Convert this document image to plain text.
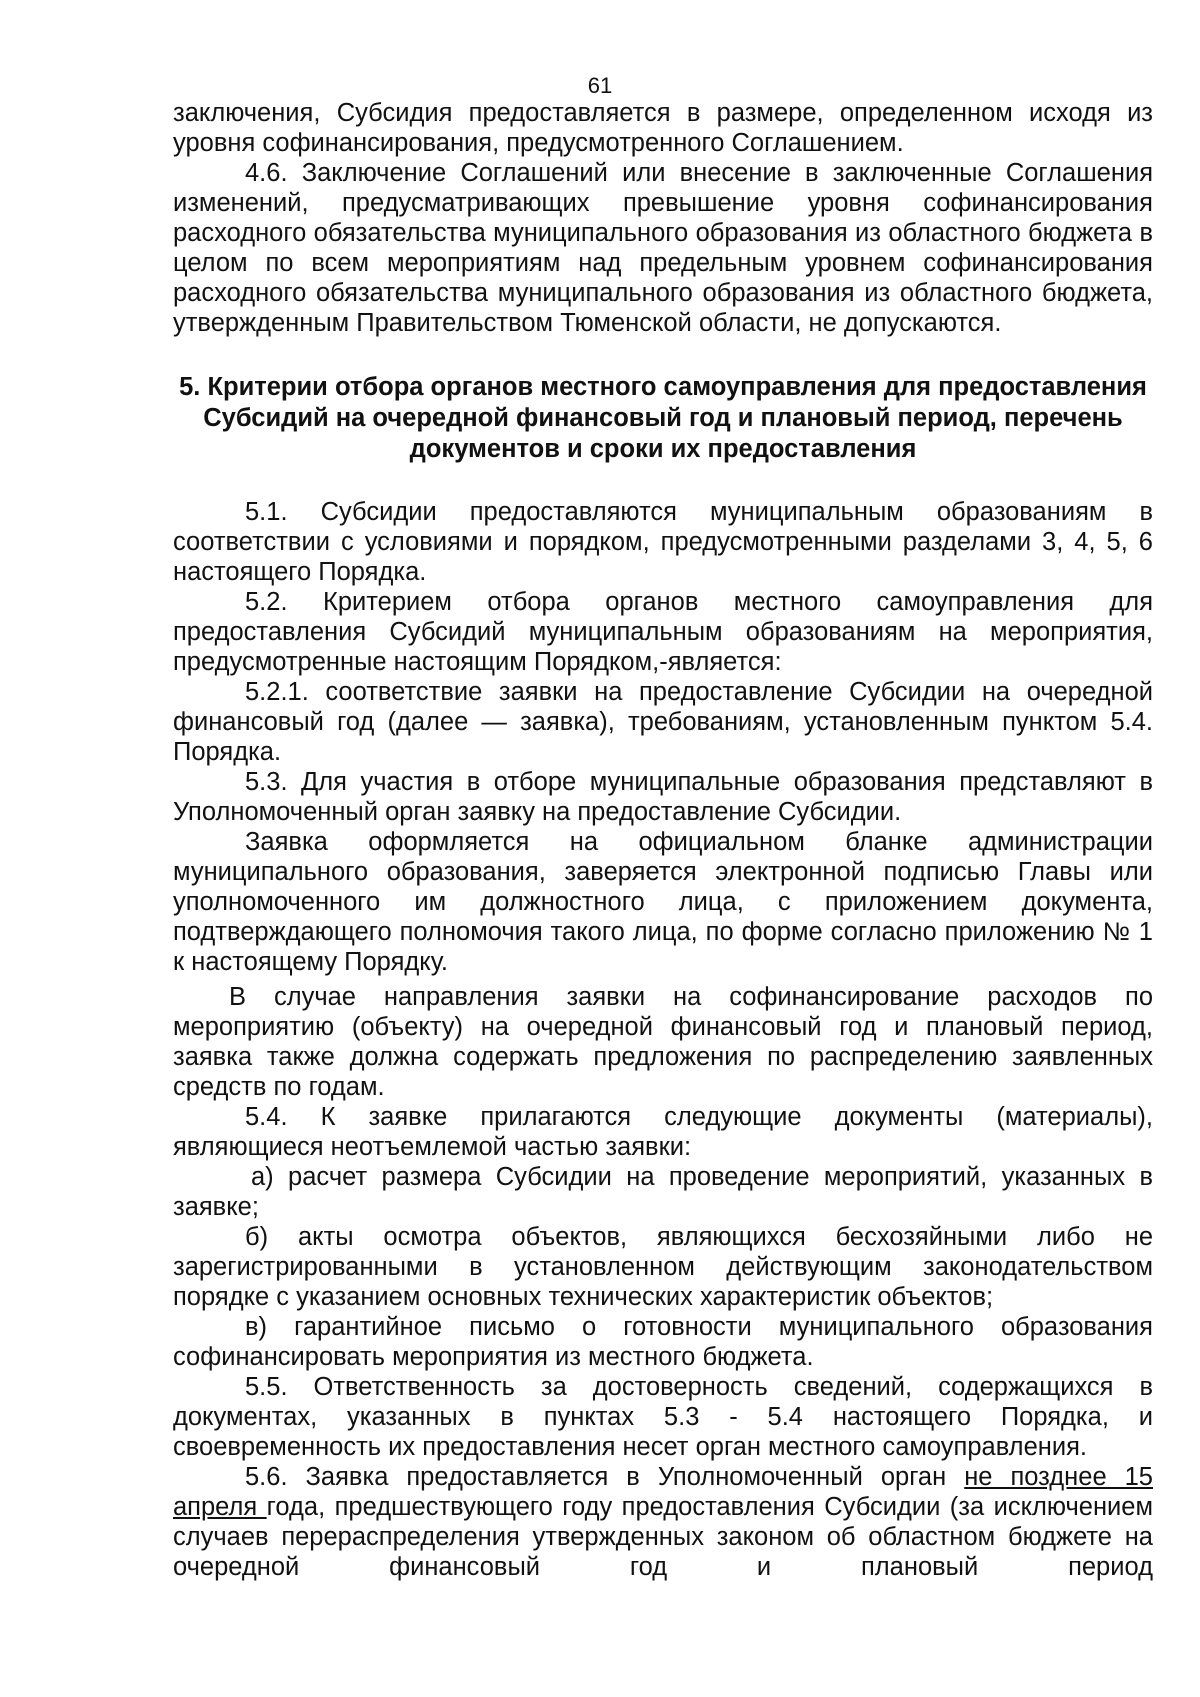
61

заключения, Субсидия предоставляется в размере, определенном исходя из уровня софинансирования, предусмотренного Соглашением.

4.6. Заключение Соглашений или внесение в заключенные Соглашения изменений, предусматривающих превышение уровня софинансирования расходного обязательства муниципального образования из областного бюджета в целом по всем мероприятиям над предельным уровнем софинансирования расходного обязательства муниципального образования из областного бюджета, утвержденным Правительством Тюменской области, не допускаются.

5. Критерии отбора органов местного самоуправления для предоставления Субсидий на очередной финансовый год и плановый период, перечень документов и сроки их предоставления

5.1. Субсидии предоставляются муниципальным образованиям в соответствии с условиями и порядком, предусмотренными разделами 3, 4, 5, 6 настоящего Порядка.

5.2. Критерием отбора органов местного самоуправления для предоставления Субсидий муниципальным образованиям на мероприятия, предусмотренные настоящим Порядком,-является:

5.2.1. соответствие заявки на предоставление Субсидии на очередной финансовый год (далее — заявка), требованиям, установленным пунктом 5.4. Порядка.

5.3. Для участия в отборе муниципальные образования представляют в Уполномоченный орган заявку на предоставление Субсидии.

Заявка оформляется на официальном бланке администрации муниципального образования, заверяется электронной подписью Главы или уполномоченного им должностного лица, с приложением документа, подтверждающего полномочия такого лица, по форме согласно приложению № 1 к настоящему Порядку.

В случае направления заявки на софинансирование расходов по мероприятию (объекту) на очередной финансовый год и плановый период, заявка также должна содержать предложения по распределению заявленных средств по годам.

5.4. К заявке прилагаются следующие документы (материалы), являющиеся неотъемлемой частью заявки:

а) расчет размера Субсидии на проведение мероприятий, указанных в заявке;

б) акты осмотра объектов, являющихся бесхозяйными либо не зарегистрированными в установленном действующим законодательством порядке с указанием основных технических характеристик объектов;

в) гарантийное письмо о готовности муниципального образования софинансировать мероприятия из местного бюджета.

5.5. Ответственность за достоверность сведений, содержащихся в документах, указанных в пунктах 5.3 - 5.4 настоящего Порядка, и своевременность их предоставления несет орган местного самоуправления.

5.6. Заявка предоставляется в Уполномоченный орган не позднее 15 апреля года, предшествующего году предоставления Субсидии (за исключением случаев перераспределения утвержденных законом об областном бюджете на очередной финансовый год и плановый период
